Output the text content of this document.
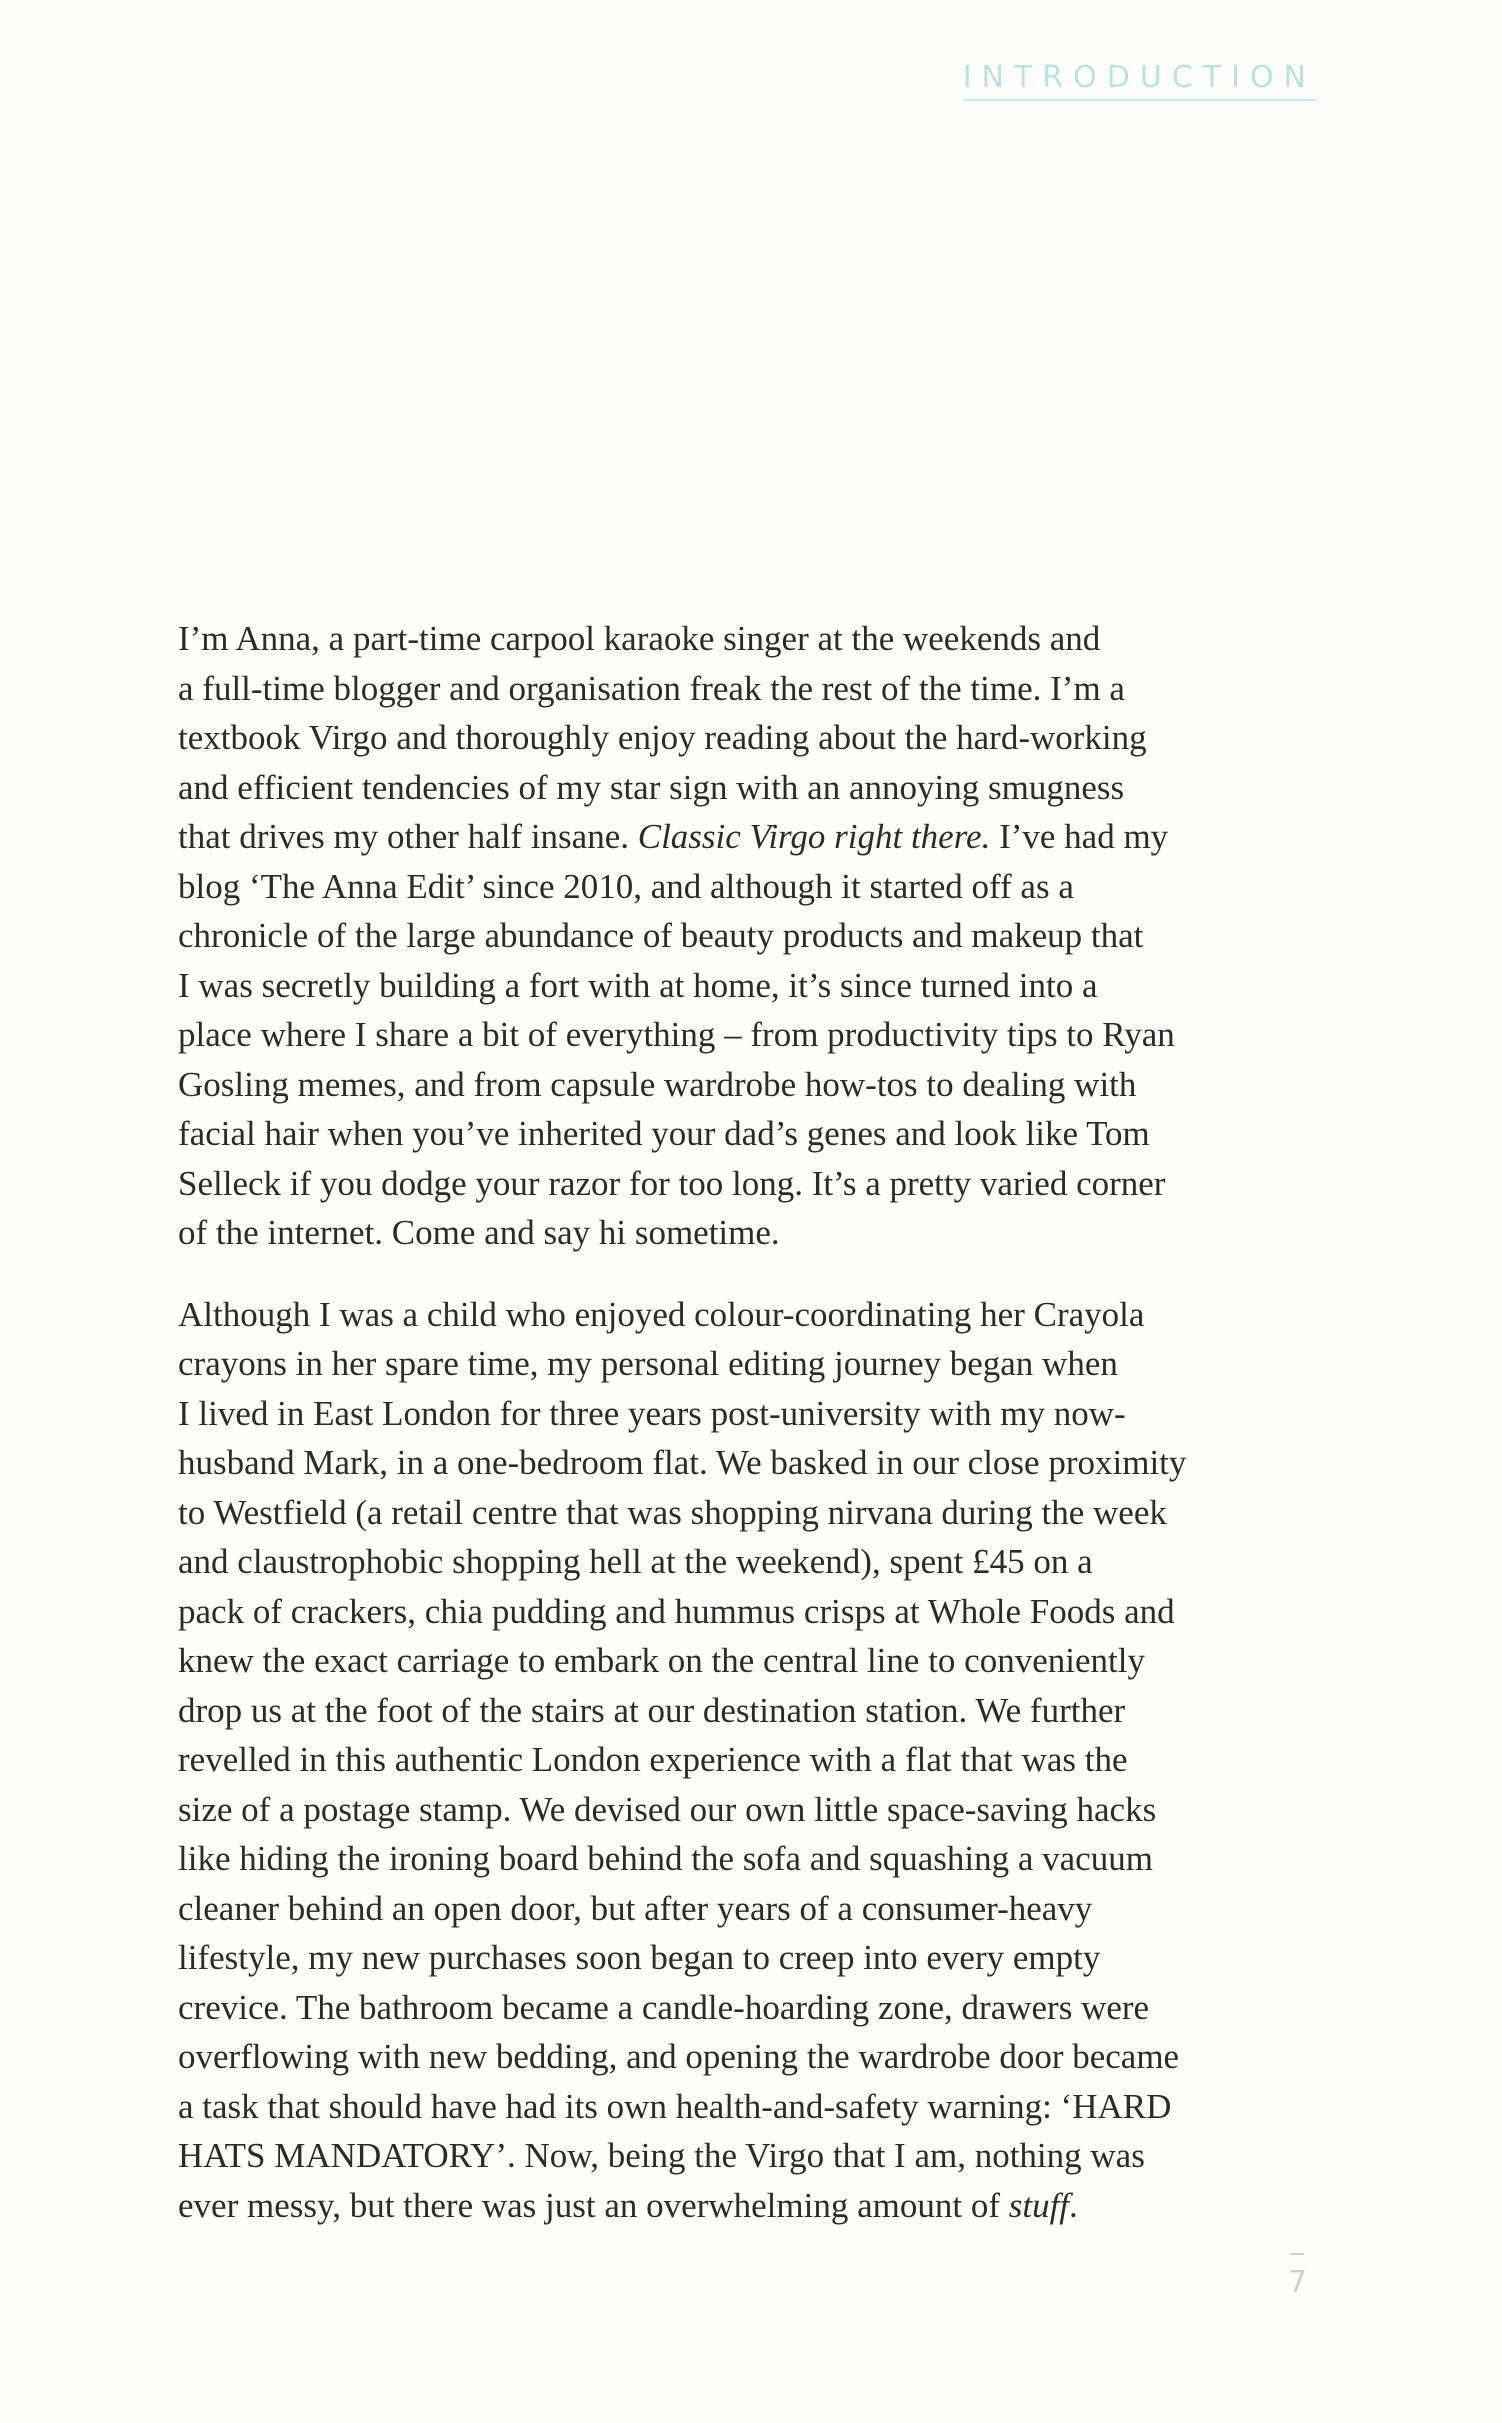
INTRODUCTION

I’m Anna, a part-time carpool karaoke singer at the weekends and
a full-time blogger and organisation freak the rest of the time. I’m a
textbook Virgo and thoroughly enjoy reading about the hard-working
and efficient tendencies of my star sign with an annoying smugness
that drives my other half insane. Classic Virgo right there. I’ve had my
blog ‘The Anna Edit’ since 2010, and although it started off as a
chronicle of the large abundance of beauty products and makeup that
I was secretly building a fort with at home, it’s since turned into a
place where I share a bit of everything – from productivity tips to Ryan
Gosling memes, and from capsule wardrobe how-tos to dealing with
facial hair when you’ve inherited your dad’s genes and look like Tom
Selleck if you dodge your razor for too long. It’s a pretty varied corner
of the internet. Come and say hi sometime.

Although I was a child who enjoyed colour-coordinating her Crayola
crayons in her spare time, my personal editing journey began when
I lived in East London for three years post-university with my now-
husband Mark, in a one-bedroom flat. We basked in our close proximity
to Westfield (a retail centre that was shopping nirvana during the week
and claustrophobic shopping hell at the weekend), spent £45 on a
pack of crackers, chia pudding and hummus crisps at Whole Foods and
knew the exact carriage to embark on the central line to conveniently
drop us at the foot of the stairs at our destination station. We further
revelled in this authentic London experience with a flat that was the
size of a postage stamp. We devised our own little space-saving hacks
like hiding the ironing board behind the sofa and squashing a vacuum
cleaner behind an open door, but after years of a consumer-heavy
lifestyle, my new purchases soon began to creep into every empty
crevice. The bathroom became a candle-hoarding zone, drawers were
overflowing with new bedding, and opening the wardrobe door became
a task that should have had its own health-and-safety warning: ‘HARD
HATS MANDATORY’. Now, being the Virgo that I am, nothing was
ever messy, but there was just an overwhelming amount of stuff.

7
